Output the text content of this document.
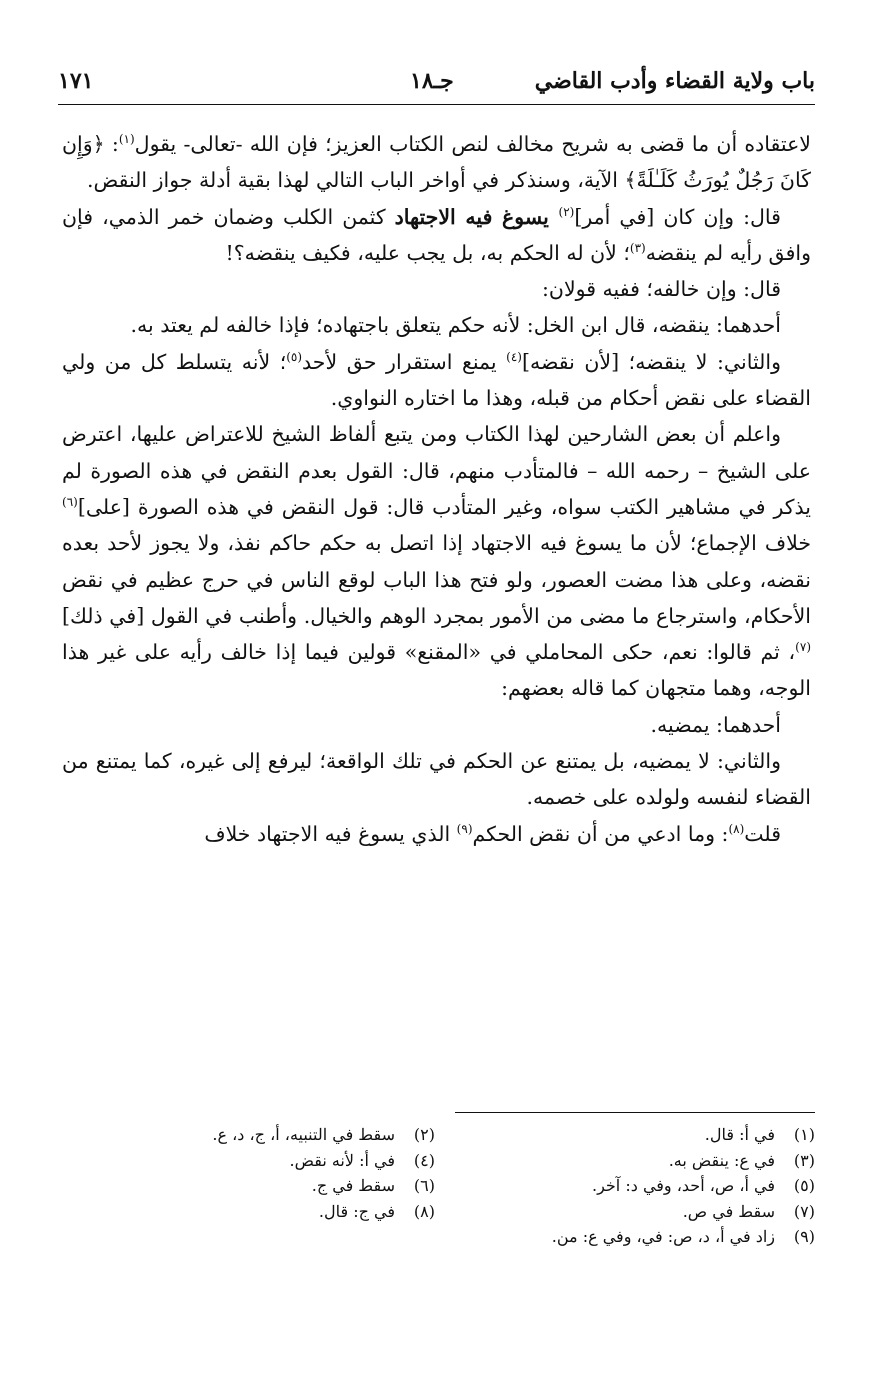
باب ولاية القضاء وأدب القاضي
جـ١٨
١٧١

لاعتقاده أن ما قضى به شريح مخالف لنص الكتاب العزيز؛ فإن الله -تعالى- يقول$^{(١)}$: ﴿وَإِن كَانَ رَجُلٌ يُورَثُ كَلَـٰلَةً﴾ الآية، وسنذكر في أواخر الباب التالي لهذا بقية أدلة جواز النقض.

قال: وإن كان [في أمر]$^{(٢)}$ يسوغ فيه الاجتهاد كثمن الكلب وضمان خمر الذمي، فإن وافق رأيه لم ينقضه$^{(٣)}$؛ لأن له الحكم به، بل يجب عليه، فكيف ينقضه؟!

قال: وإن خالفه؛ ففيه قولان:

أحدهما: ينقضه، قال ابن الخل: لأنه حكم يتعلق باجتهاده؛ فإذا خالفه لم يعتد به.

والثاني: لا ينقضه؛ [لأن نقضه]$^{(٤)}$ يمنع استقرار حق لأحد$^{(٥)}$؛ لأنه يتسلط كل من ولي القضاء على نقض أحكام من قبله، وهذا ما اختاره النواوي.

واعلم أن بعض الشارحين لهذا الكتاب ومن يتبع ألفاظ الشيخ للاعتراض عليها، اعترض على الشيخ – رحمه الله – فالمتأدب منهم، قال: القول بعدم النقض في هذه الصورة لم يذكر في مشاهير الكتب سواه، وغير المتأدب قال: قول النقض في هذه الصورة [على]$^{(٦)}$ خلاف الإجماع؛ لأن ما يسوغ فيه الاجتهاد إذا اتصل به حكم حاكم نفذ، ولا يجوز لأحد بعده نقضه، وعلى هذا مضت العصور، ولو فتح هذا الباب لوقع الناس في حرج عظيم في نقض الأحكام، واسترجاع ما مضى من الأمور بمجرد الوهم والخيال. وأطنب في القول [في ذلك]$^{(٧)}$، ثم قالوا: نعم، حكى المحاملي في «المقنع» قولين فيما إذا خالف رأيه على غير هذا الوجه، وهما متجهان كما قاله بعضهم:

أحدهما: يمضيه.

والثاني: لا يمضيه، بل يمتنع عن الحكم في تلك الواقعة؛ ليرفع إلى غيره، كما يمتنع من القضاء لنفسه ولولده على خصمه.

قلت$^{(٨)}$: وما ادعي من أن نقض الحكم$^{(٩)}$ الذي يسوغ فيه الاجتهاد خلاف

(١)في أ: قال.
(٣)في ع: ينقض به.
(٥)في أ، ص، أحد، وفي د: آخر.
(٧)سقط في ص.
(٩)زاد في أ، د، ص: في، وفي ع: من.
(٢)سقط في التنبيه، أ، ج، د، ع.
(٤)في أ: لأنه نقض.
(٦)سقط في ج.
(٨)في ج: قال.
